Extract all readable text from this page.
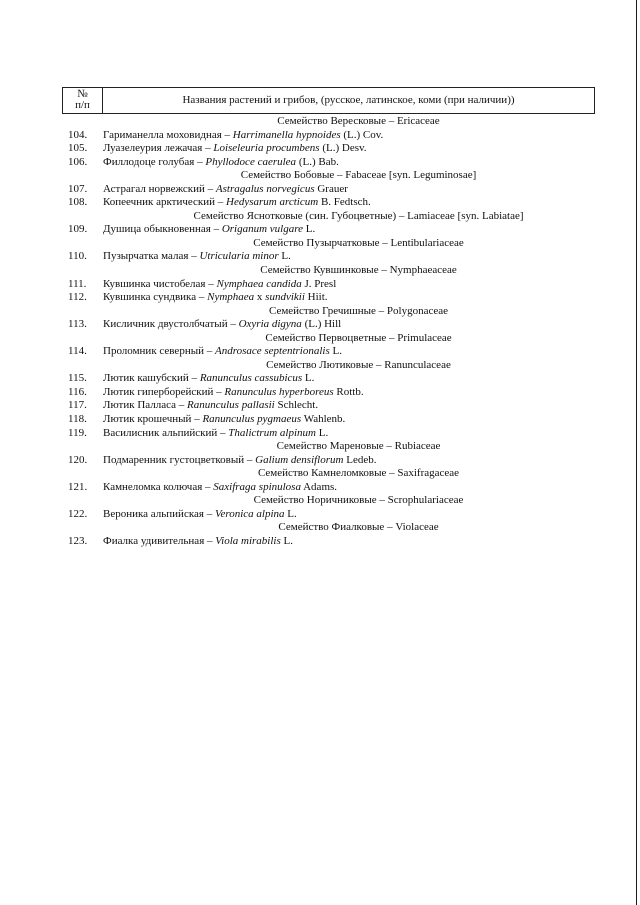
№
п/п	Названия растений и грибов, (русское, латинское, коми (при наличии))
Семейство Вересковые – Ericaceae
104.	Гариманелла моховидная – Harrimanella hypnoides (L.) Cov.
105.	Луазелеурия лежачая – Loiseleuria procumbens (L.) Desv.
106.	Филлодоце голубая – Phyllodoce caerulea (L.) Bab.
Семейство Бобовые – Fabaceae [syn. Leguminosae]
107.	Астрагал норвежский – Astragalus norvegicus Grauer
108.	Копеечник арктический – Hedysarum arcticum B. Fedtsch.
Семейство Яснотковые (син. Губоцветные) – Lamiaceae [syn. Labiatae]
109.	Душица обыкновенная – Origanum vulgare L.
Семейство Пузырчатковые – Lentibulariaceae
110.	Пузырчатка малая – Utricularia minor L.
Семейство Кувшинковые – Nymphaeaceae
111.	Кувшинка чистобелая – Nymphaea candida J. Presl
112.	Кувшинка сундвика – Nymphaea x sundvikii Hiit.
Семейство Гречишные – Polygonaceae
113.	Кисличник двустолбчатый – Oxyria digyna (L.) Hill
Семейство Первоцветные – Primulaceae
114.	Проломник северный – Androsace septentrionalis L.
Семейство Лютиковые – Ranunculaceae
115.	Лютик кашубский – Ranunculus cassubicus L.
116.	Лютик гиперборейский – Ranunculus hyperboreus Rottb.
117.	Лютик Палласа – Ranunculus pallasii Schlecht.
118.	Лютик крошечный – Ranunculus pygmaeus Wahlenb.
119.	Василисник альпийский – Thalictrum alpinum L.
Семейство Мареновые – Rubiaceae
120.	Подмаренник густоцветковый – Galium densiflorum Ledeb.
Семейство Камнеломковые – Saxifragaceae
121.	Камнеломка колючая – Saxifraga spinulosa Adams.
Семейство Норичниковые – Scrophulariaceae
122.	Вероника альпийская – Veronica alpina L.
Семейство Фиалковые – Violaceae
123.	Фиалка удивительная – Viola mirabilis L.
